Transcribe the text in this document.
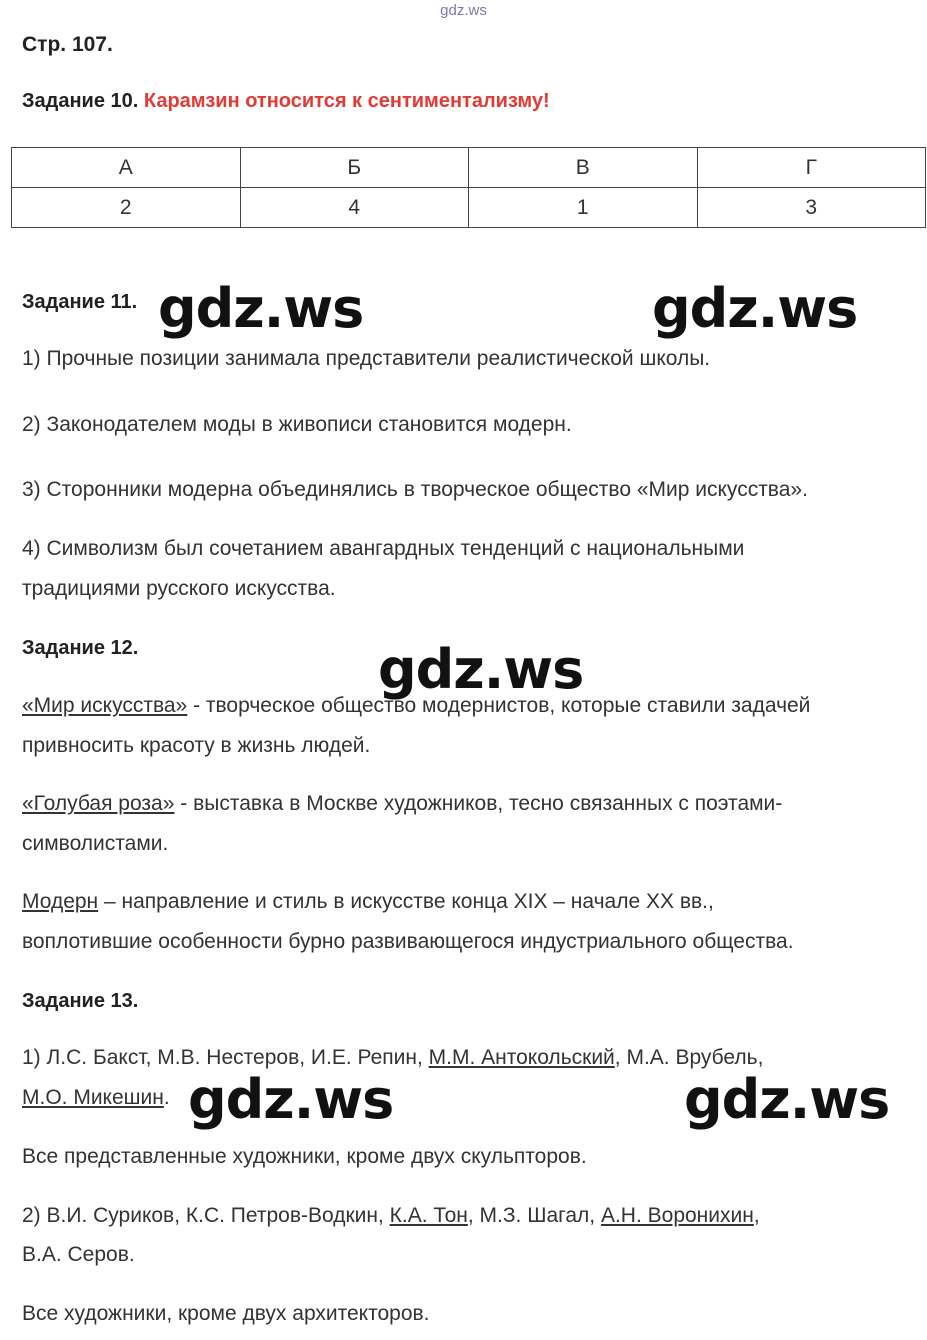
gdz.ws
Стр. 107.
Задание 10. Карамзин относится к сентиментализму!
А	Б	В	Г
2	4	1	3
Задание 11.
1) Прочные позиции занимала представители реалистической школы.
2) Законодателем моды в живописи становится модерн.
3) Сторонники модерна объединялись в творческое общество «Мир искусства».
4) Символизм был сочетанием авангардных тенденций с национальными
традициями русского искусства.
Задание 12.
«Мир искусства» - творческое общество модернистов, которые ставили задачей
привносить красоту в жизнь людей.
«Голубая роза» - выставка в Москве художников, тесно связанных с поэтами-
символистами.
Модерн – направление и стиль в искусстве конца XIX – начале XX вв.,
воплотившие особенности бурно развивающегося индустриального общества.
Задание 13.
1) Л.С. Бакст, М.В. Нестеров, И.Е. Репин, М.М. Антокольский, М.А. Врубель,
М.О. Микешин.
Все представленные художники, кроме двух скульпторов.
2) В.И. Суриков, К.С. Петров-Водкин, К.А. Тон, М.З. Шагал, А.Н. Воронихин,
В.А. Серов.
Все художники, кроме двух архитекторов.
gdz.ws	gdz.ws
gdz.ws
gdz.ws	gdz.ws
